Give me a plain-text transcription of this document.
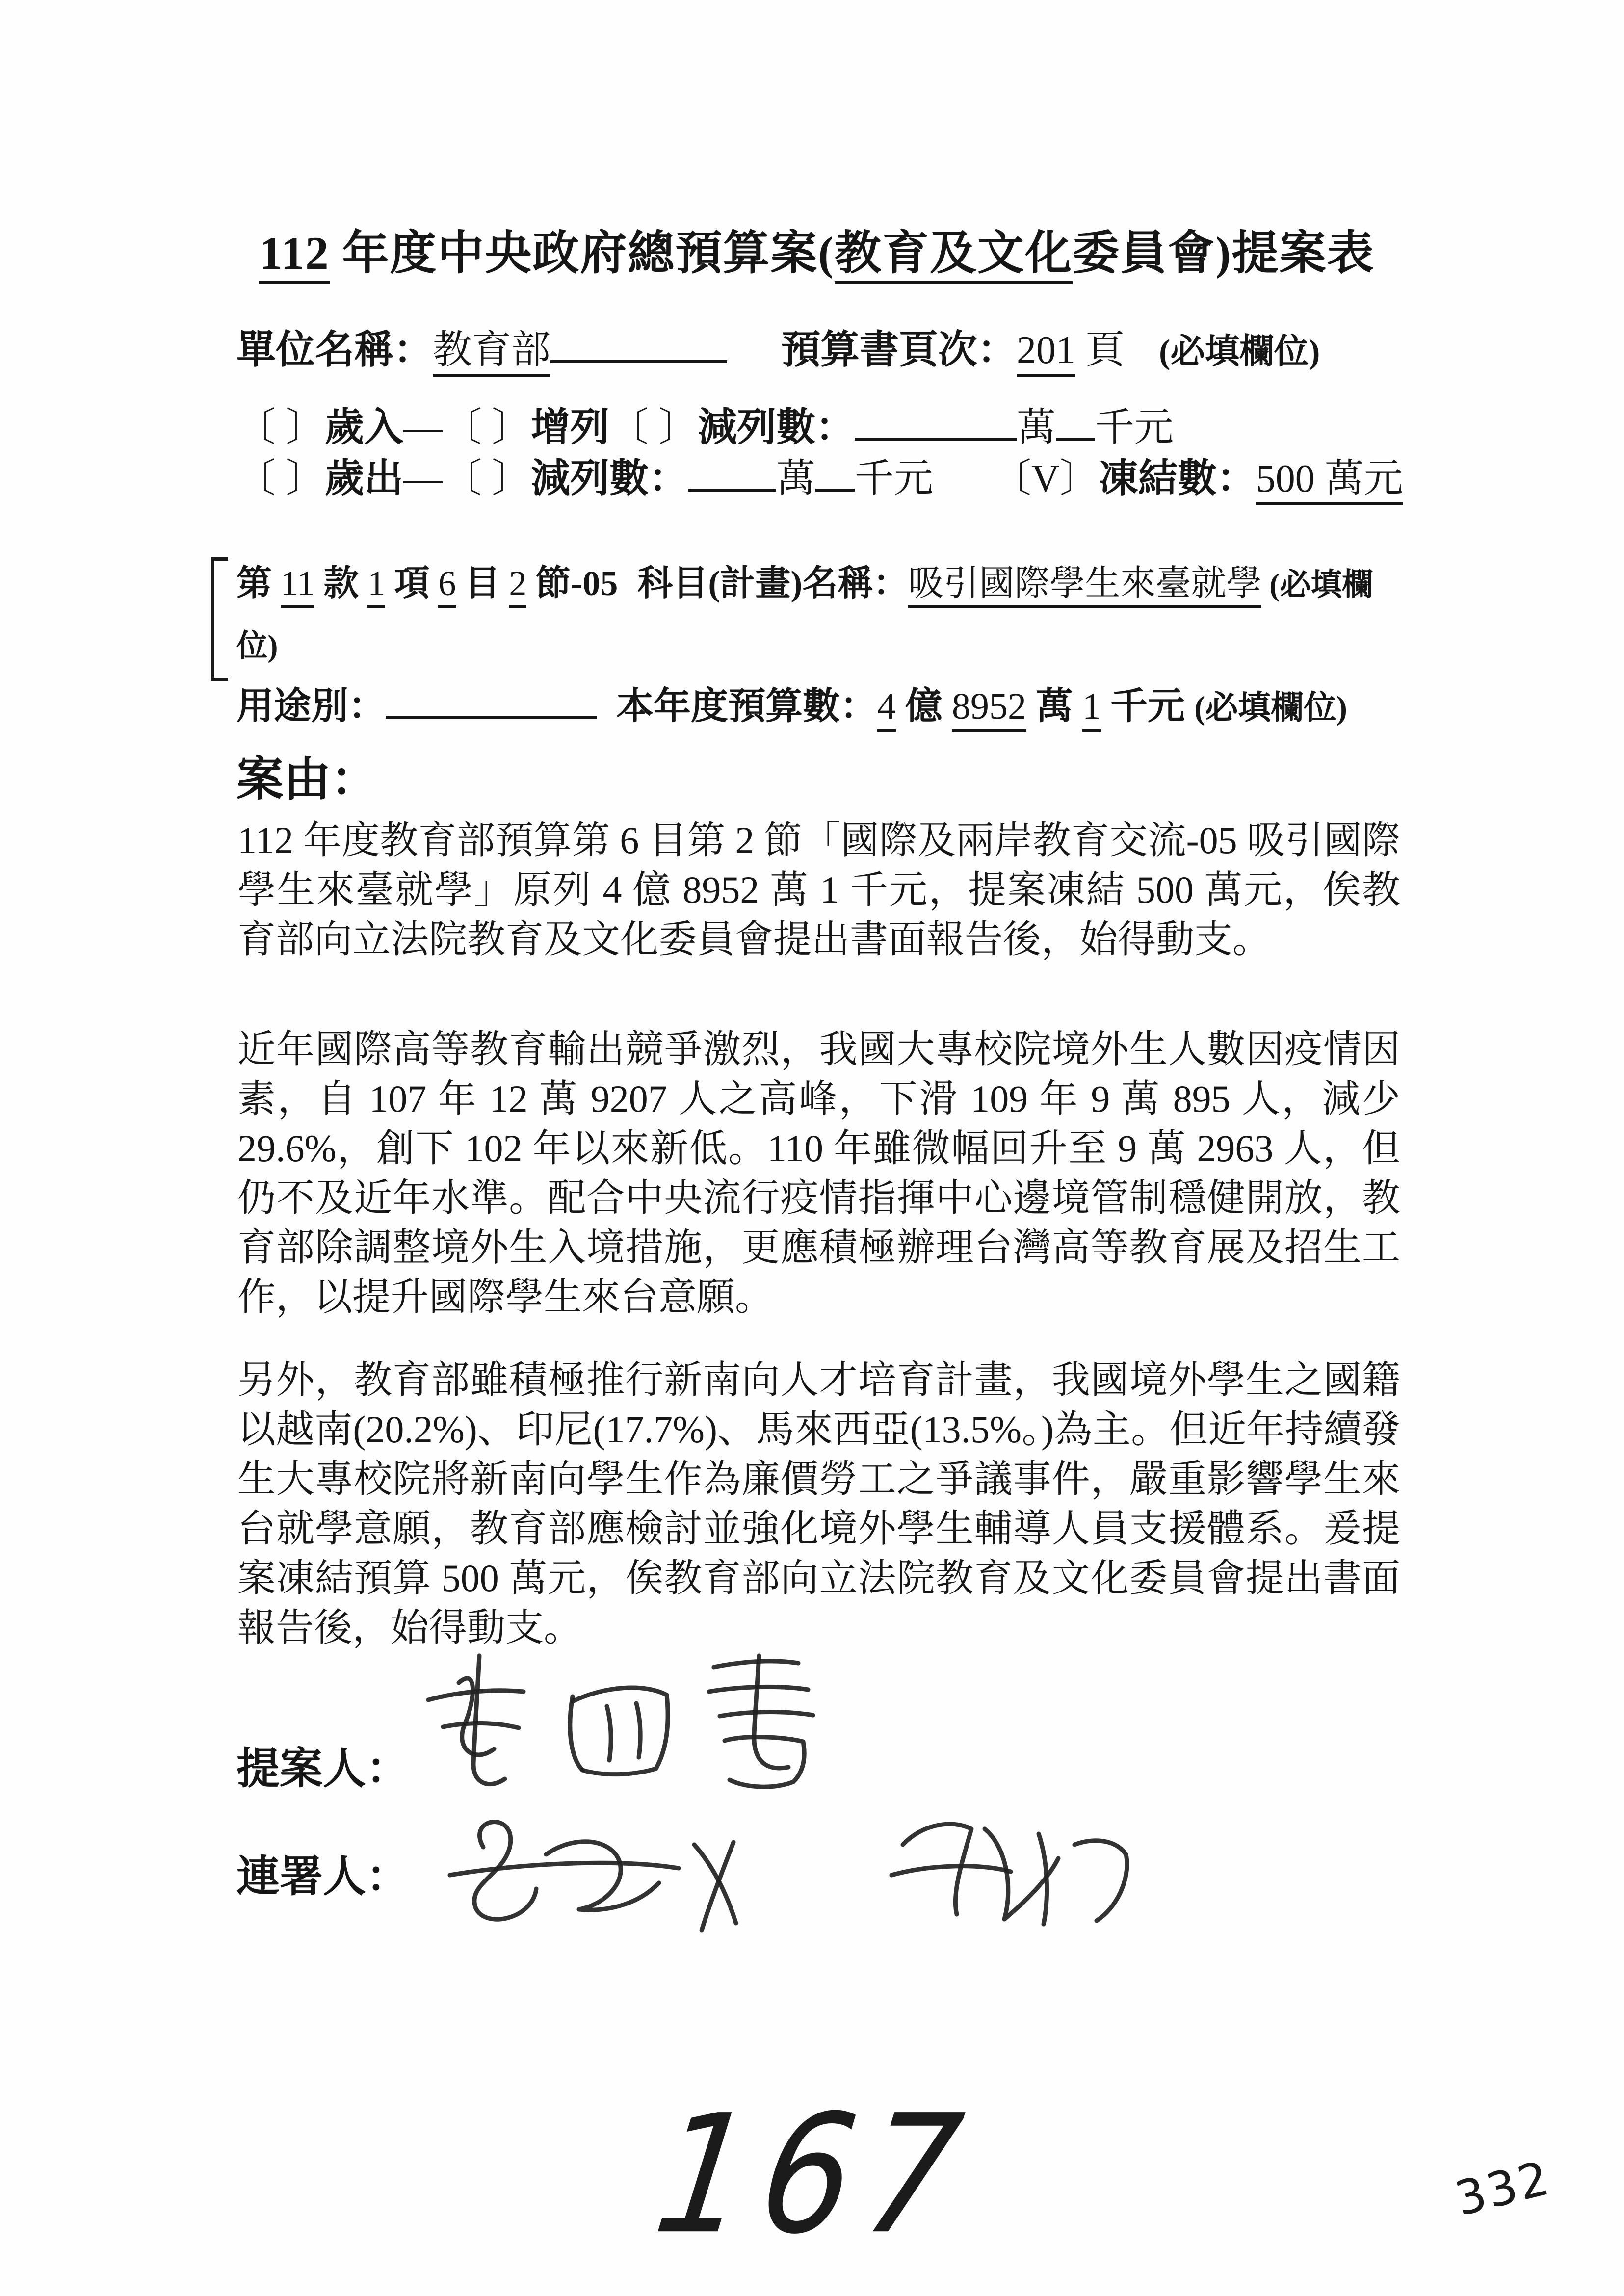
112 年度中央政府總預算案(教育及文化委員會)提案表
單位名稱：教育部	預算書頁次：201 頁 (必填欄位)
〔 〕歲入—〔 〕增列〔 〕減列數：	萬 千元
〔 〕歲出—〔 〕減列數： 萬 千元 〔V〕凍結數：500 萬元
第 11 款 1 項 6 目 2 節-05 科目(計畫)名稱：吸引國際學生來臺就學 (必填欄
位)
用途別：	本年度預算數：4 億 8952 萬 1 千元 (必填欄位)
案由：
112 年度教育部預算第 6 目第 2 節「國際及兩岸教育交流-05 吸引國際學生來臺就學」原列 4 億 8952 萬 1 千元，提案凍結 500 萬元，俟教育部向立法院教育及文化委員會提出書面報告後，始得動支。
近年國際高等教育輸出競爭激烈，我國大專校院境外生人數因疫情因素，自 107 年 12 萬 9207 人之高峰，下滑 109 年 9 萬 895 人，減少 29.6%，創下 102 年以來新低。110 年雖微幅回升至 9 萬 2963 人，但仍不及近年水準。配合中央流行疫情指揮中心邊境管制穩健開放，教育部除調整境外生入境措施，更應積極辦理台灣高等教育展及招生工作，以提升國際學生來台意願。
另外，教育部雖積極推行新南向人才培育計畫，我國境外學生之國籍以越南(20.2%)、印尼(17.7%)、馬來西亞(13.5%。)為主。但近年持續發生大專校院將新南向學生作為廉價勞工之爭議事件，嚴重影響學生來台就學意願，教育部應檢討並強化境外學生輔導人員支援體系。爰提案凍結預算 500 萬元，俟教育部向立法院教育及文化委員會提出書面報告後，始得動支。
提案人：
連署人：
167	332
